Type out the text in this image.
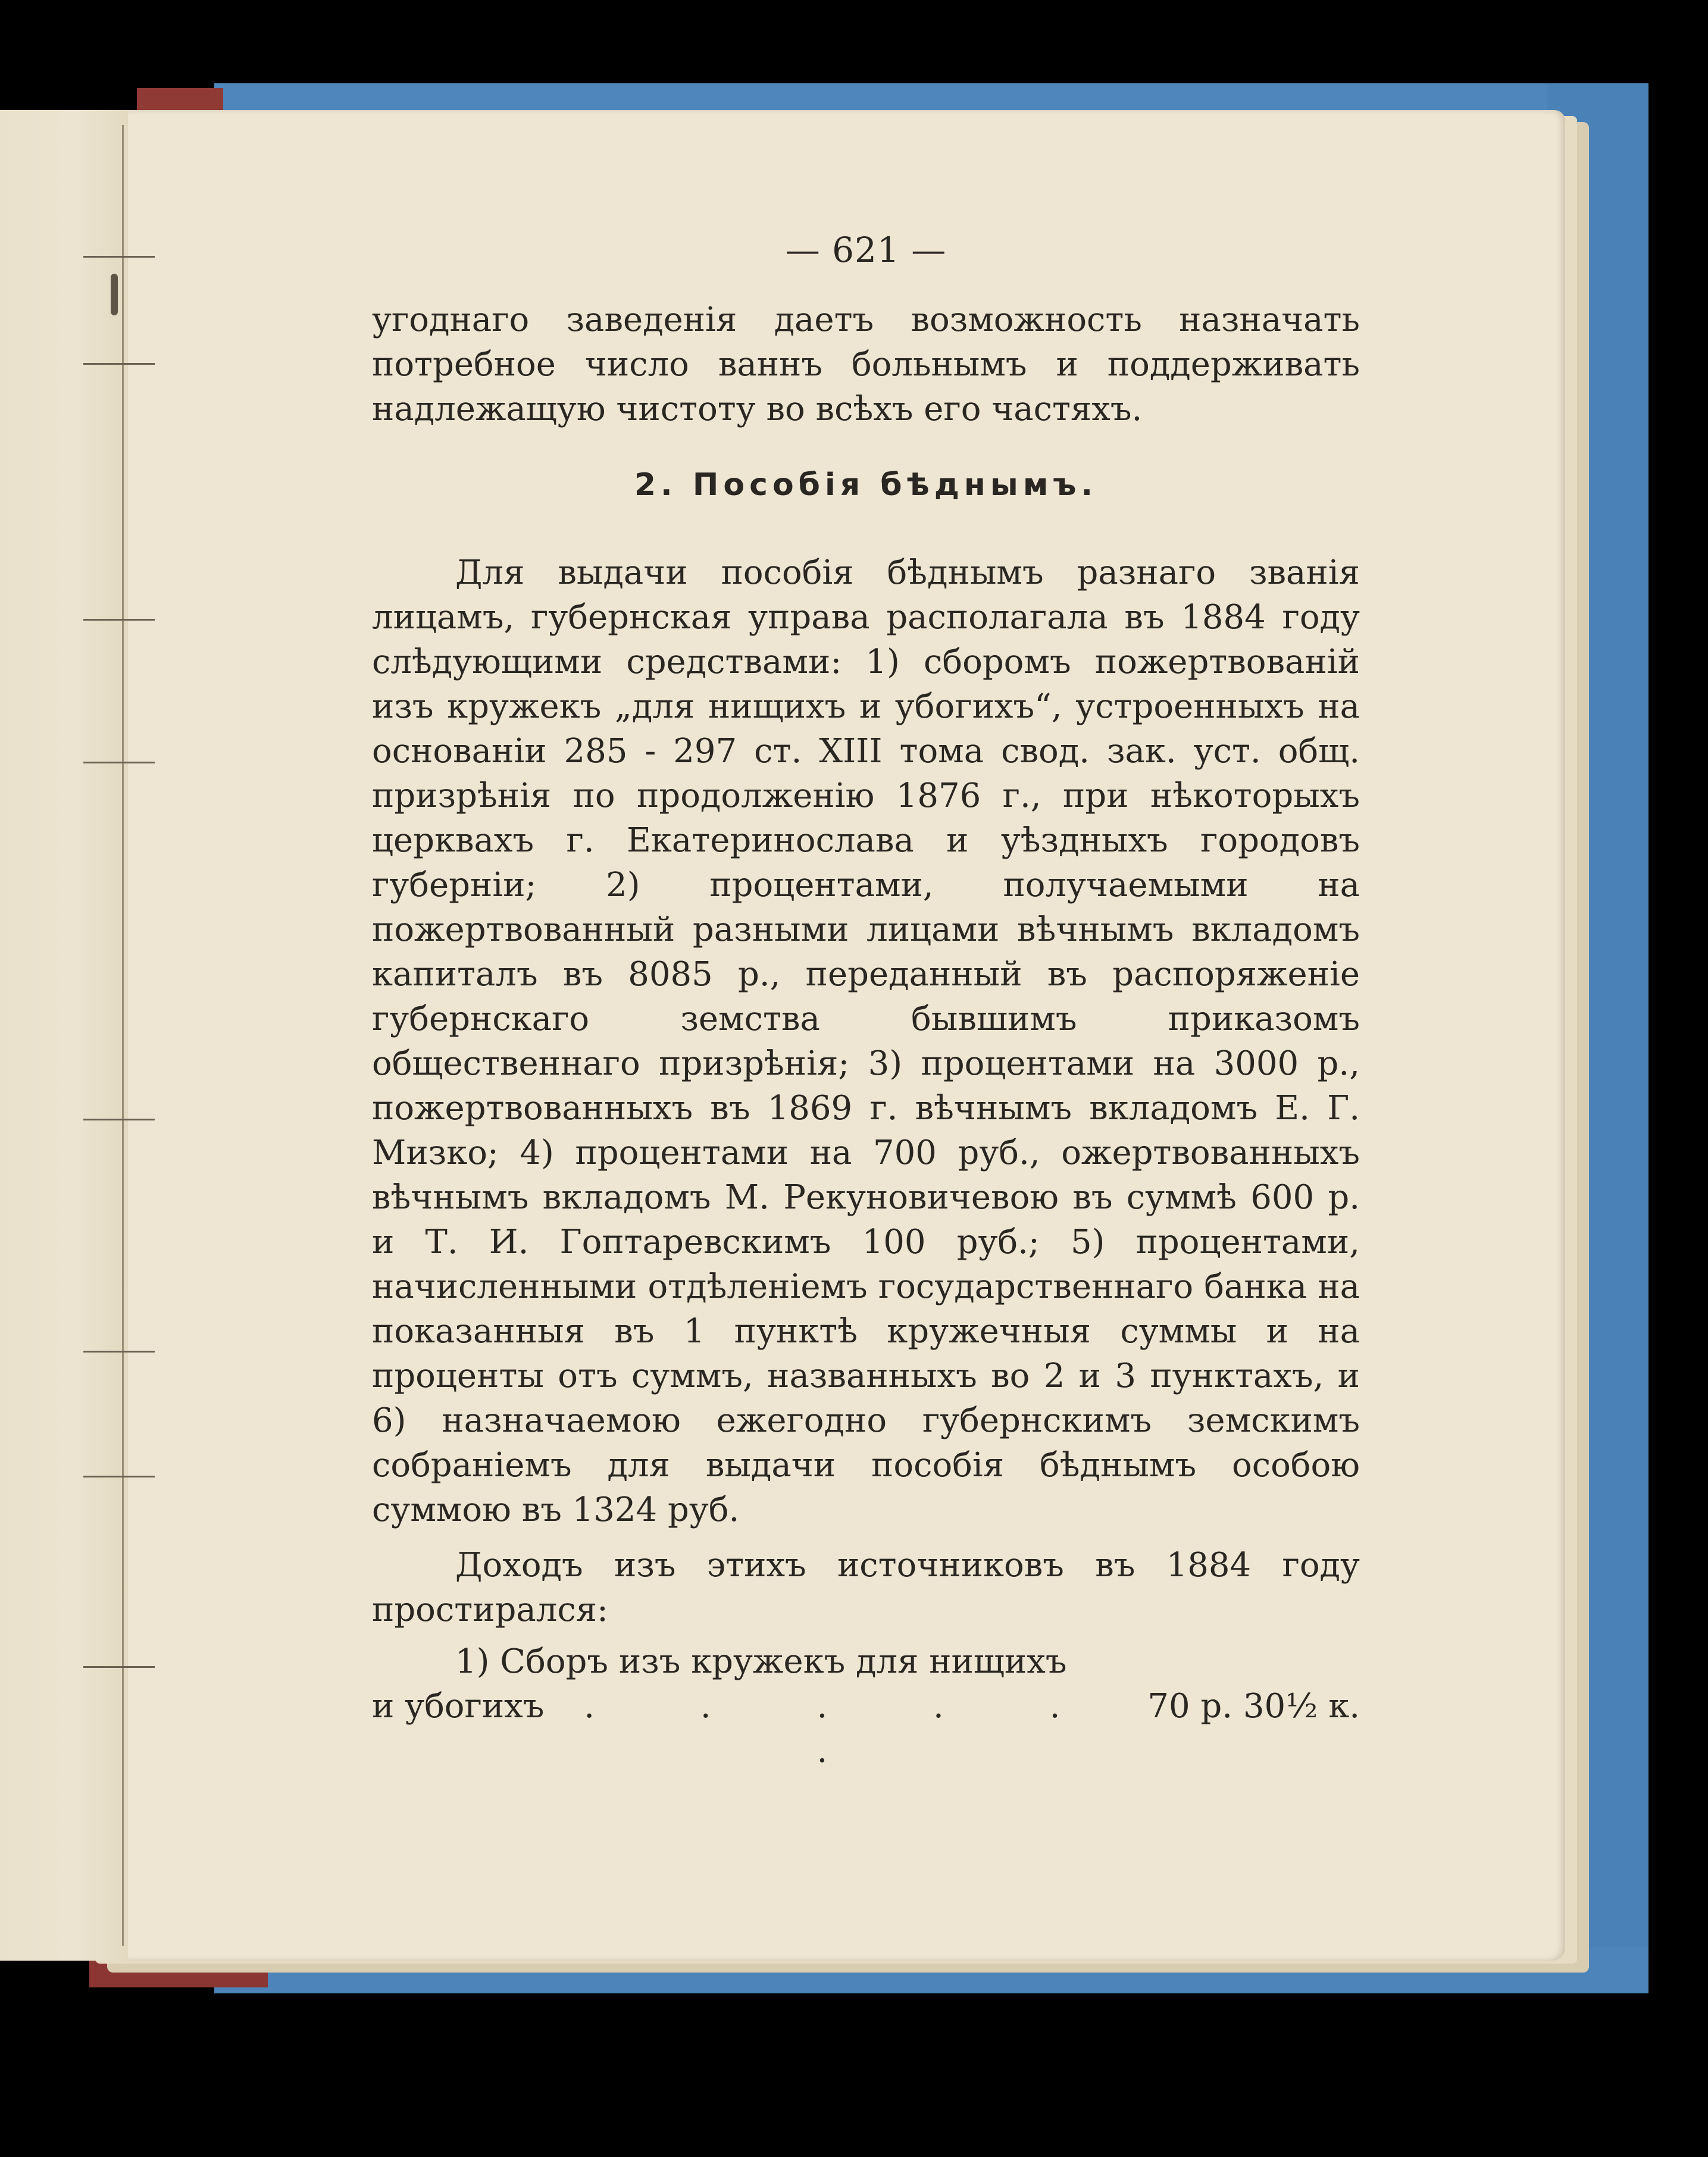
— 621 —

угоднаго заведенія даетъ возможность назначать потребное число ваннъ больнымъ и поддерживать надлежащую чистоту во всѣхъ его частяхъ.

2. Пособія бѣднымъ.

Для выдачи пособія бѣднымъ разнаго званія лицамъ, губернская управа располагала въ 1884 году слѣдующими средствами: 1) сборомъ пожертвованій изъ кружекъ „для нищихъ и убогихъ“, устроенныхъ на основаніи 285 - 297 ст. XIII тома свод. зак. уст. общ. призрѣнія по продолженію 1876 г., при нѣкоторыхъ церквахъ г. Екатеринослава и уѣздныхъ городовъ губерніи; 2) процентами, получаемыми на пожертвованный разными лицами вѣчнымъ вкладомъ капиталъ въ 8085 р., переданный въ распоряженіе губернскаго земства бывшимъ приказомъ общественнаго призрѣнія; 3) процентами на 3000 р., пожертвованныхъ въ 1869 г. вѣчнымъ вкладомъ Е. Г. Мизко; 4) процентами на 700 руб., ожертвованныхъ вѣчнымъ вкладомъ М. Рекуновичевою въ суммѣ 600 р. и Т. И. Гоптаревскимъ 100 руб.; 5) процентами, начисленными отдѣленіемъ государственнаго банка на показанныя въ 1 пунктѣ кружечныя суммы и на проценты отъ суммъ, названныхъ во 2 и 3 пунктахъ, и 6) назначаемою ежегодно губернскимъ земскимъ собраніемъ для выдачи пособія бѣднымъ особою суммою въ 1324 руб.

Доходъ изъ этихъ источниковъ въ 1884 году простирался:

1) Сборъ изъ кружекъ для нищихъ

и убогихъ	. . . . . .
70 р. 30½ к.
